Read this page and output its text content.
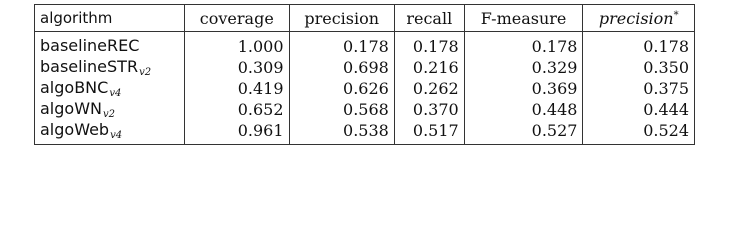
algorithm	coverage	precision	recall	F-measure	precision*
baselineREC	1.000	0.178	0.178	0.178	0.178
baselineSTR$_{v2}$	0.309	0.698	0.216	0.329	0.350
algoBNC$_{v4}$	0.419	0.626	0.262	0.369	0.375
algoWN$_{v2}$	0.652	0.568	0.370	0.448	0.444
algoWeb$_{v4}$	0.961	0.538	0.517	0.527	0.524
